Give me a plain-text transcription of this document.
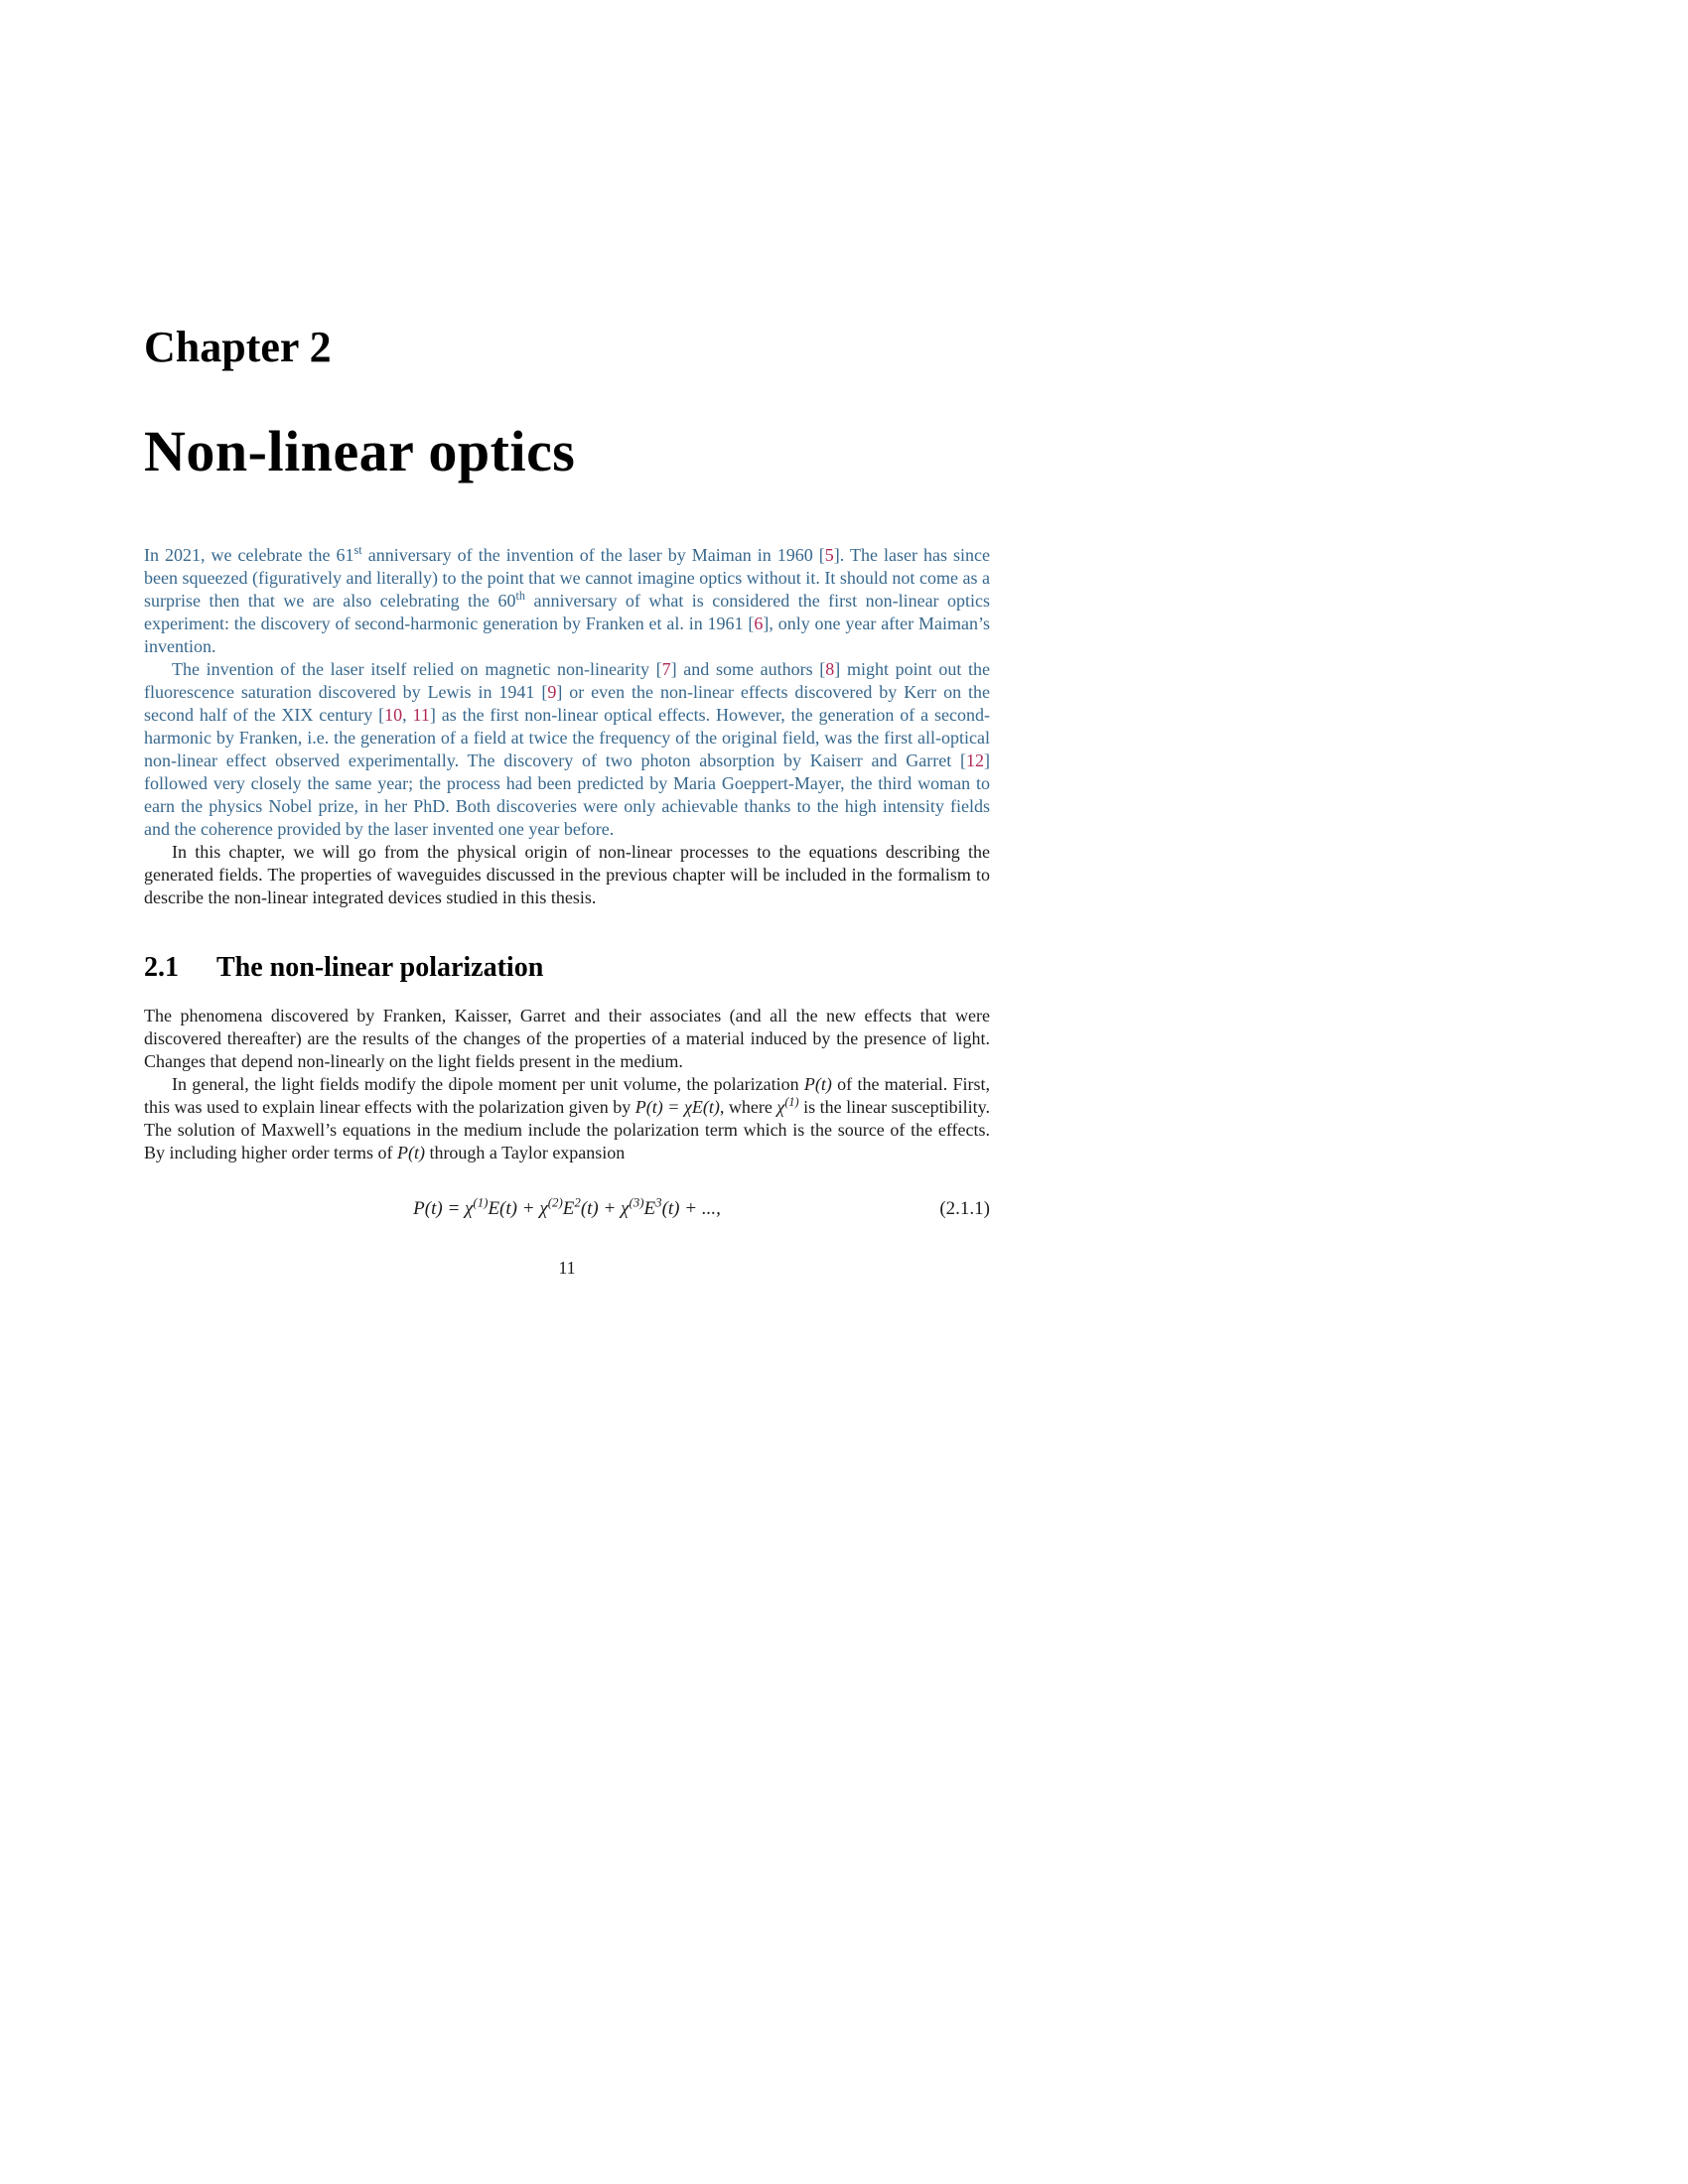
Chapter 2
Non-linear optics

In 2021, we celebrate the 61st anniversary of the invention of the laser by Maiman in 1960 [5]. The laser has since been squeezed (figuratively and literally) to the point that we cannot imagine optics without it. It should not come as a surprise then that we are also celebrating the 60th anniversary of what is considered the first non-linear optics experiment: the discovery of second-harmonic generation by Franken et al. in 1961 [6], only one year after Maiman’s invention.

The invention of the laser itself relied on magnetic non-linearity [7] and some authors [8] might point out the fluorescence saturation discovered by Lewis in 1941 [9] or even the non-linear effects discovered by Kerr on the second half of the XIX century [10, 11] as the first non-linear optical effects. However, the generation of a second-harmonic by Franken, i.e. the generation of a field at twice the frequency of the original field, was the first all-optical non-linear effect observed experimentally. The discovery of two photon absorption by Kaiserr and Garret [12] followed very closely the same year; the process had been predicted by Maria Goeppert-Mayer, the third woman to earn the physics Nobel prize, in her PhD. Both discoveries were only achievable thanks to the high intensity fields and the coherence provided by the laser invented one year before.

In this chapter, we will go from the physical origin of non-linear processes to the equations describing the generated fields. The properties of waveguides discussed in the previous chapter will be included in the formalism to describe the non-linear integrated devices studied in this thesis.

2.1 The non-linear polarization

The phenomena discovered by Franken, Kaisser, Garret and their associates (and all the new effects that were discovered thereafter) are the results of the changes of the properties of a material induced by the presence of light. Changes that depend non-linearly on the light fields present in the medium.

In general, the light fields modify the dipole moment per unit volume, the polarization P(t) of the material. First, this was used to explain linear effects with the polarization given by P(t) = χE(t), where $\chi^{(1)}$ is the linear susceptibility. The solution of Maxwell’s equations in the medium include the polarization term which is the source of the effects. By including higher order terms of P(t) through a Taylor expansion

$P(t) = \chi^{(1)}E(t) + \chi^{(2)}E^2(t) + \chi^{(3)}E^3(t)$ + ...,	(2.1.1)
11
